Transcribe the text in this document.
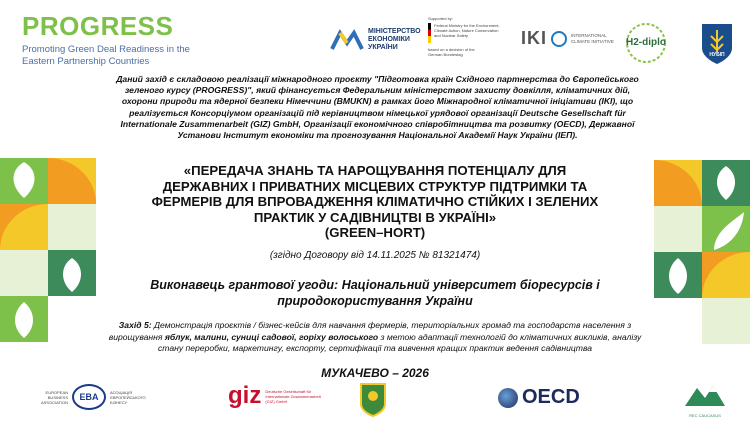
PROGRESS
Promoting Green Deal Readiness in the Eastern Partnership Countries
МІНІСТЕРСТВО ЕКОНОМІКИ УКРАЇНИ
Supported by:
Federal Ministry for the Environment, Climate Action, Nature Conservation and Nuclear Safety
based on a decision of the German Bundestag
IKI	INTERNATIONAL CLIMATE INITIATIVE	H2-diplo
НУБІП
Даний захід є складовою реалізації міжнародного проєкту "Підготовка країн Східного партнерства до Європейського зеленого курсу (PROGRESS)", який фінансується Федеральним міністерством захисту довкілля, кліматичних дій, охорони природи та ядерної безпеки Німеччини (BMUKN) в рамках його Міжнародної кліматичної ініціативи (IKI), що реалізується Консорціумом організацій під керівництвом німецької урядової організації Deutsche Gesellschaft für Internationale Zusammenarbeit (GIZ) GmbH, Організації економічного співробітництва та розвитку (OECD), Державної Установи Інститут економіки та прогнозування Національної Академії Наук України (ІЕП).
«ПЕРЕДАЧА ЗНАНЬ ТА НАРОЩУВАННЯ ПОТЕНЦІАЛУ ДЛЯ ДЕРЖАВНИХ І ПРИВАТНИХ МІСЦЕВИХ СТРУКТУР ПІДТРИМКИ ТА ФЕРМЕРІВ ДЛЯ ВПРОВАДЖЕННЯ КЛІМАТИЧНО СТІЙКИХ І ЗЕЛЕНИХ ПРАКТИК У САДІВНИЦТВІ В УКРАЇНІ»
(GREEN–HORT)
(згідно Договору від 14.11.2025 № 81321474)
Виконавець грантової угоди: Національний університет біоресурсів і природокористування України
Захід 5: Демонстрація проєктів / бізнес-кейсів для навчання фермерів, територіальних громад та господарств населення з вирощування яблук, малини, суниці садової, горіху волоського з метою адаптації технологій до кліматичних викликів, аналізу стану переробки, маркетингу, експорту, сертифікації та вивчення кращих практик ведення садівництва
МУКАЧЕВО – 2026
EUROPEAN BUSINESS ASSOCIATION	EBA	АСОЦІАЦІЯ ЄВРОПЕЙСЬКОГО БІЗНЕСУ	giz Deutsche Gesellschaft für Internationale Zusammenarbeit (GIZ) GmbH	OECD
REC CAUCASUS
